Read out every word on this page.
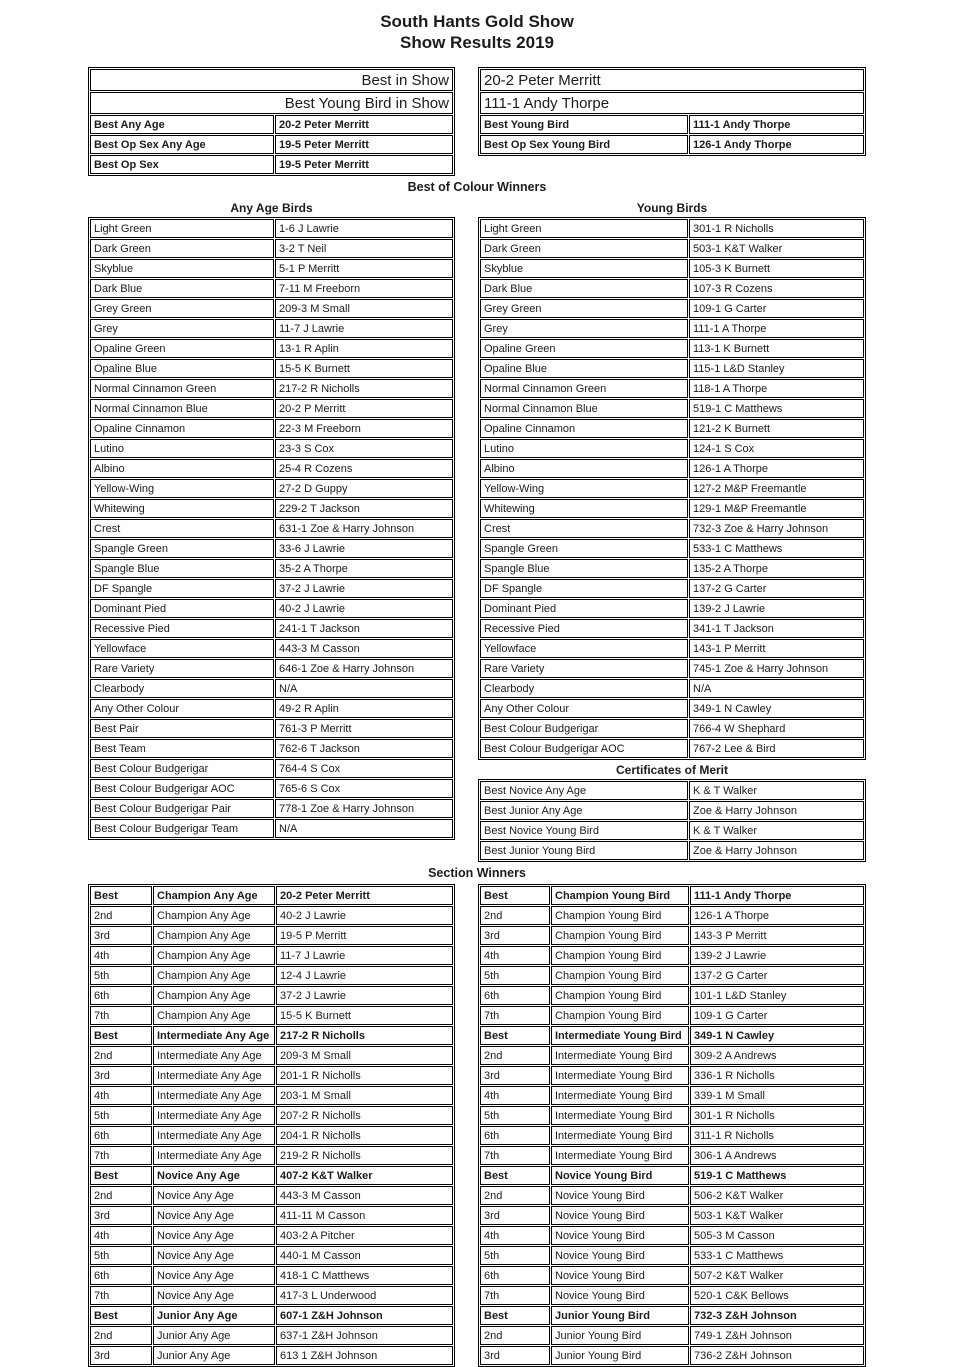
South Hants Gold Show
Show Results 2019
Best in Show	
Best Young Bird in Show	
Best Any Age	20-2 Peter Merritt
Best Op Sex Any Age	19-5 Peter Merritt
Best Op Sex	19-5 Peter Merritt
20-2 Peter Merritt	
111-1 Andy Thorpe	
Best Young Bird	111-1 Andy Thorpe
Best Op Sex Young Bird	126-1 Andy Thorpe
Best of Colour Winners
Any Age Birds
Light Green	1-6 J Lawrie
Dark Green	3-2 T Neil
Skyblue	5-1 P Merritt
Dark Blue	7-11 M Freeborn
Grey Green	209-3 M Small
Grey	11-7 J Lawrie
Opaline Green	13-1 R Aplin
Opaline Blue	15-5 K Burnett
Normal Cinnamon Green	217-2 R Nicholls
Normal Cinnamon Blue	20-2 P Merritt
Opaline Cinnamon	22-3 M Freeborn
Lutino	23-3 S Cox
Albino	25-4 R Cozens
Yellow-Wing	27-2 D Guppy
Whitewing	229-2 T Jackson
Crest	631-1 Zoe & Harry Johnson
Spangle Green	33-6 J Lawrie
Spangle Blue	35-2 A Thorpe
DF Spangle	37-2 J Lawrie
Dominant Pied	40-2 J Lawrie
Recessive Pied	241-1 T Jackson
Yellowface	443-3 M Casson
Rare Variety	646-1 Zoe & Harry Johnson
Clearbody	N/A
Any Other Colour	49-2 R Aplin
Best Pair	761-3 P Merritt
Best Team	762-6 T Jackson
Best Colour Budgerigar	764-4 S Cox
Best Colour Budgerigar AOC	765-6 S Cox
Best Colour Budgerigar Pair	778-1 Zoe & Harry Johnson
Best Colour Budgerigar Team	N/A
Young Birds
Light Green	301-1 R Nicholls
Dark Green	503-1 K&T Walker
Skyblue	105-3 K Burnett
Dark Blue	107-3 R Cozens
Grey Green	109-1 G Carter
Grey	111-1 A Thorpe
Opaline Green	113-1 K Burnett
Opaline Blue	115-1 L&D Stanley
Normal Cinnamon Green	118-1 A Thorpe
Normal Cinnamon Blue	519-1 C Matthews
Opaline Cinnamon	121-2 K Burnett
Lutino	124-1 S Cox
Albino	126-1 A Thorpe
Yellow-Wing	127-2 M&P Freemantle
Whitewing	129-1 M&P Freemantle
Crest	732-3 Zoe & Harry Johnson
Spangle Green	533-1 C Matthews
Spangle Blue	135-2 A Thorpe
DF Spangle	137-2 G Carter
Dominant Pied	139-2 J Lawrie
Recessive Pied	341-1 T Jackson
Yellowface	143-1 P Merritt
Rare Variety	745-1 Zoe & Harry Johnson
Clearbody	N/A
Any Other Colour	349-1 N Cawley
Best Colour Budgerigar	766-4 W Shephard
Best Colour Budgerigar AOC	767-2 Lee & Bird
Certificates of Merit
Best Novice Any Age	K & T Walker
Best Junior Any Age	Zoe & Harry Johnson
Best Novice Young Bird	K & T Walker
Best Junior Young Bird	Zoe & Harry Johnson
Section Winners
Best	Champion Any Age	20-2 Peter Merritt
2nd	Champion Any Age	40-2 J Lawrie
3rd	Champion Any Age	19-5 P Merritt
4th	Champion Any Age	11-7 J Lawrie
5th	Champion Any Age	12-4 J Lawrie
6th	Champion Any Age	37-2 J Lawrie
7th	Champion Any Age	15-5 K Burnett
Best	Intermediate Any Age	217-2 R Nicholls
2nd	Intermediate Any Age	209-3 M Small
3rd	Intermediate Any Age	201-1 R Nicholls
4th	Intermediate Any Age	203-1 M Small
5th	Intermediate Any Age	207-2 R Nicholls
6th	Intermediate Any Age	204-1 R Nicholls
7th	Intermediate Any Age	219-2 R Nicholls
Best	Novice Any Age	407-2 K&T Walker
2nd	Novice Any Age	443-3 M Casson
3rd	Novice Any Age	411-11 M Casson
4th	Novice Any Age	403-2 A Pitcher
5th	Novice Any Age	440-1 M Casson
6th	Novice Any Age	418-1 C Matthews
7th	Novice Any Age	417-3 L Underwood
Best	Junior Any Age	607-1 Z&H Johnson
2nd	Junior Any Age	637-1 Z&H Johnson
3rd	Junior Any Age	613 1 Z&H Johnson
Best	Champion Young Bird	111-1 Andy Thorpe
2nd	Champion Young Bird	126-1 A Thorpe
3rd	Champion Young Bird	143-3 P Merritt
4th	Champion Young Bird	139-2 J Lawrie
5th	Champion Young Bird	137-2 G Carter
6th	Champion Young Bird	101-1 L&D Stanley
7th	Champion Young Bird	109-1 G Carter
Best	Intermediate Young Bird	349-1 N Cawley
2nd	Intermediate Young Bird	309-2 A Andrews
3rd	Intermediate Young Bird	336-1 R Nicholls
4th	Intermediate Young Bird	339-1 M Small
5th	Intermediate Young Bird	301-1 R Nicholls
6th	Intermediate Young Bird	311-1 R Nicholls
7th	Intermediate Young Bird	306-1 A Andrews
Best	Novice Young Bird	519-1 C Matthews
2nd	Novice Young Bird	506-2 K&T Walker
3rd	Novice Young Bird	503-1 K&T Walker
4th	Novice Young Bird	505-3 M Casson
5th	Novice Young Bird	533-1 C Matthews
6th	Novice Young Bird	507-2 K&T Walker
7th	Novice Young Bird	520-1 C&K Bellows
Best	Junior Young Bird	732-3 Z&H Johnson
2nd	Junior Young Bird	749-1 Z&H Johnson
3rd	Junior Young Bird	736-2 Z&H Johnson
